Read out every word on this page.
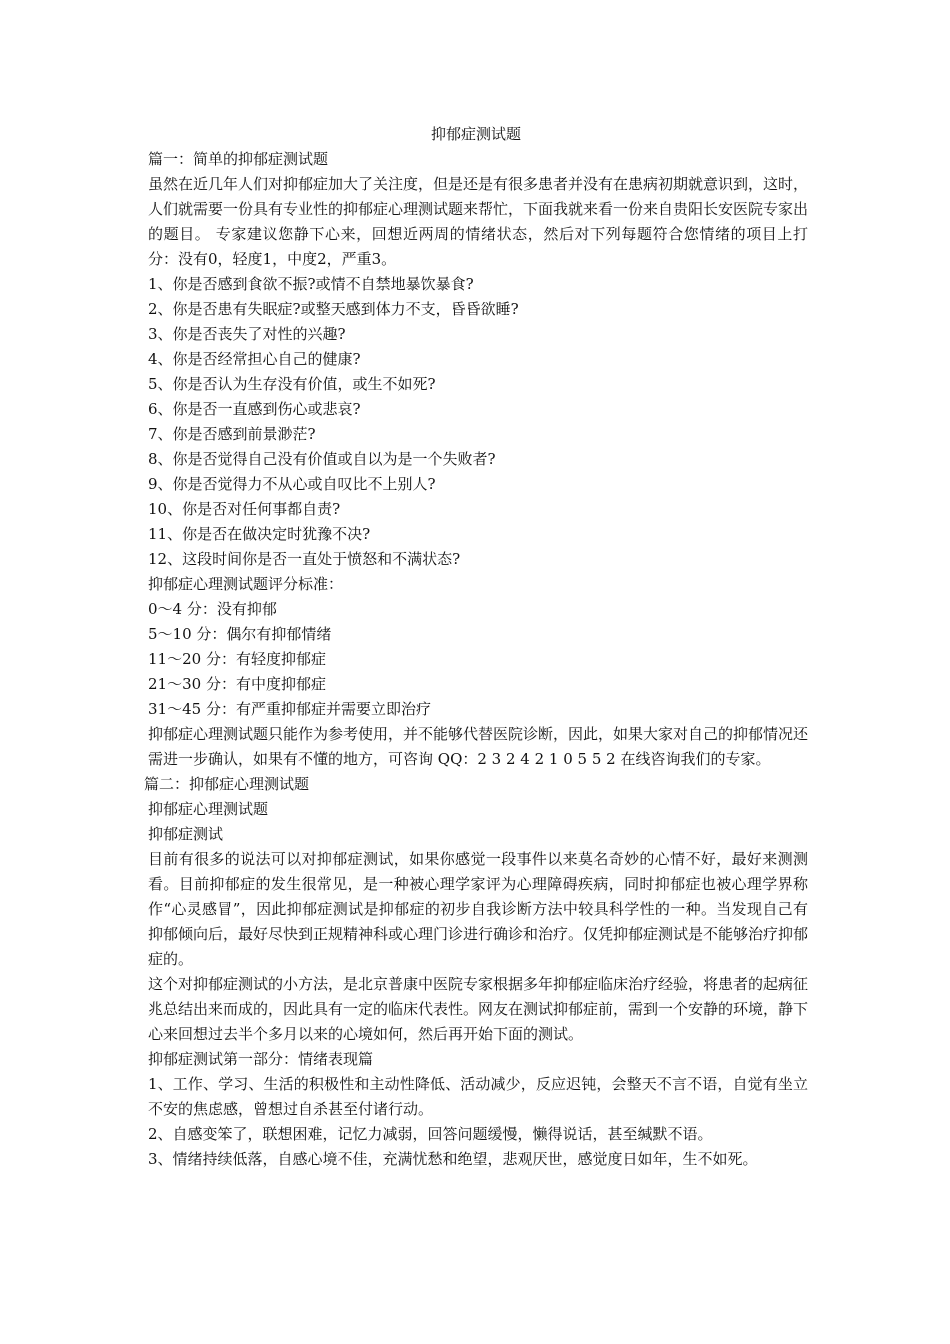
抑郁症测试题

篇一：简单的抑郁症测试题

虽然在近几年人们对抑郁症加大了关注度，但是还是有很多患者并没有在患病初期就意识到，这时，人们就需要一份具有专业性的抑郁症心理测试题来帮忙，下面我就来看一份来自贵阳长安医院专家出的题目。 专家建议您静下心来，回想近两周的情绪状态，然后对下列每题符合您情绪的项目上打分：没有0，轻度1，中度2，严重3。

1、你是否感到食欲不振?或情不自禁地暴饮暴食?

2、你是否患有失眠症?或整天感到体力不支，昏昏欲睡?

3、你是否丧失了对性的兴趣?

4、你是否经常担心自己的健康?

5、你是否认为生存没有价值，或生不如死?

6、你是否一直感到伤心或悲哀?

7、你是否感到前景渺茫?

8、你是否觉得自己没有价值或自以为是一个失败者?

9、你是否觉得力不从心或自叹比不上别人?

10、你是否对任何事都自责?

11、你是否在做决定时犹豫不决?

12、这段时间你是否一直处于愤怒和不满状态?

抑郁症心理测试题评分标准：

0～4 分：没有抑郁

5～10 分：偶尔有抑郁情绪

11～20 分：有轻度抑郁症

21～30 分：有中度抑郁症

31～45 分：有严重抑郁症并需要立即治疗

抑郁症心理测试题只能作为参考使用，并不能够代替医院诊断，因此，如果大家对自己的抑郁情况还需进一步确认，如果有不懂的地方，可咨询 QQ：2 3 2 4 2 1 0 5 5 2 在线咨询我们的专家。

篇二：抑郁症心理测试题

抑郁症心理测试题

抑郁症测试

目前有很多的说法可以对抑郁症测试，如果你感觉一段事件以来莫名奇妙的心情不好，最好来测测看。目前抑郁症的发生很常见，是一种被心理学家评为心理障碍疾病，同时抑郁症也被心理学界称作“心灵感冒”，因此抑郁症测试是抑郁症的初步自我诊断方法中较具科学性的一种。当发现自己有抑郁倾向后，最好尽快到正规精神科或心理门诊进行确诊和治疗。仅凭抑郁症测试是不能够治疗抑郁症的。

这个对抑郁症测试的小方法，是北京普康中医院专家根据多年抑郁症临床治疗经验，将患者的起病征兆总结出来而成的，因此具有一定的临床代表性。网友在测试抑郁症前，需到一个安静的环境，静下心来回想过去半个多月以来的心境如何，然后再开始下面的测试。

抑郁症测试第一部分：情绪表现篇

1、工作、学习、生活的积极性和主动性降低、活动减少，反应迟钝，会整天不言不语，自觉有坐立不安的焦虑感，曾想过自杀甚至付诸行动。

2、自感变笨了，联想困难，记忆力减弱，回答问题缓慢，懒得说话，甚至缄默不语。

3、情绪持续低落，自感心境不佳，充满忧愁和绝望，悲观厌世，感觉度日如年，生不如死。
